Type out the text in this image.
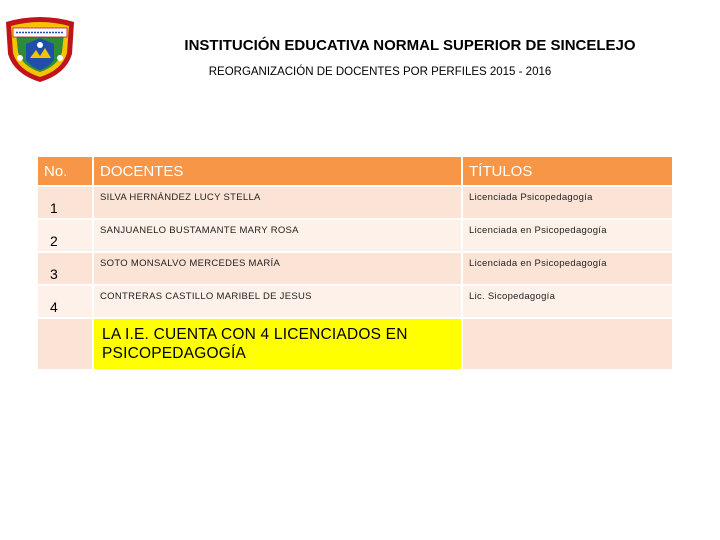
INSTITUCIÓN EDUCATIVA NORMAL SUPERIOR DE SINCELEJO
REORGANIZACIÓN DE DOCENTES POR PERFILES 2015 - 2016
No.	DOCENTES	TÍTULOS
1	SILVA HERNÁNDEZ LUCY STELLA	Licenciada Psicopedagogía
2	SANJUANELO BUSTAMANTE MARY ROSA	Licenciada en Psicopedagogía
3	SOTO MONSALVO MERCEDES MARÍA	Licenciada en Psicopedagogía
4	CONTRERAS CASTILLO MARIBEL DE JESUS	Lic. Sicopedagogía

	LA I.E. CUENTA CON 4 LICENCIADOS EN PSICOPEDAGOGÍA	
